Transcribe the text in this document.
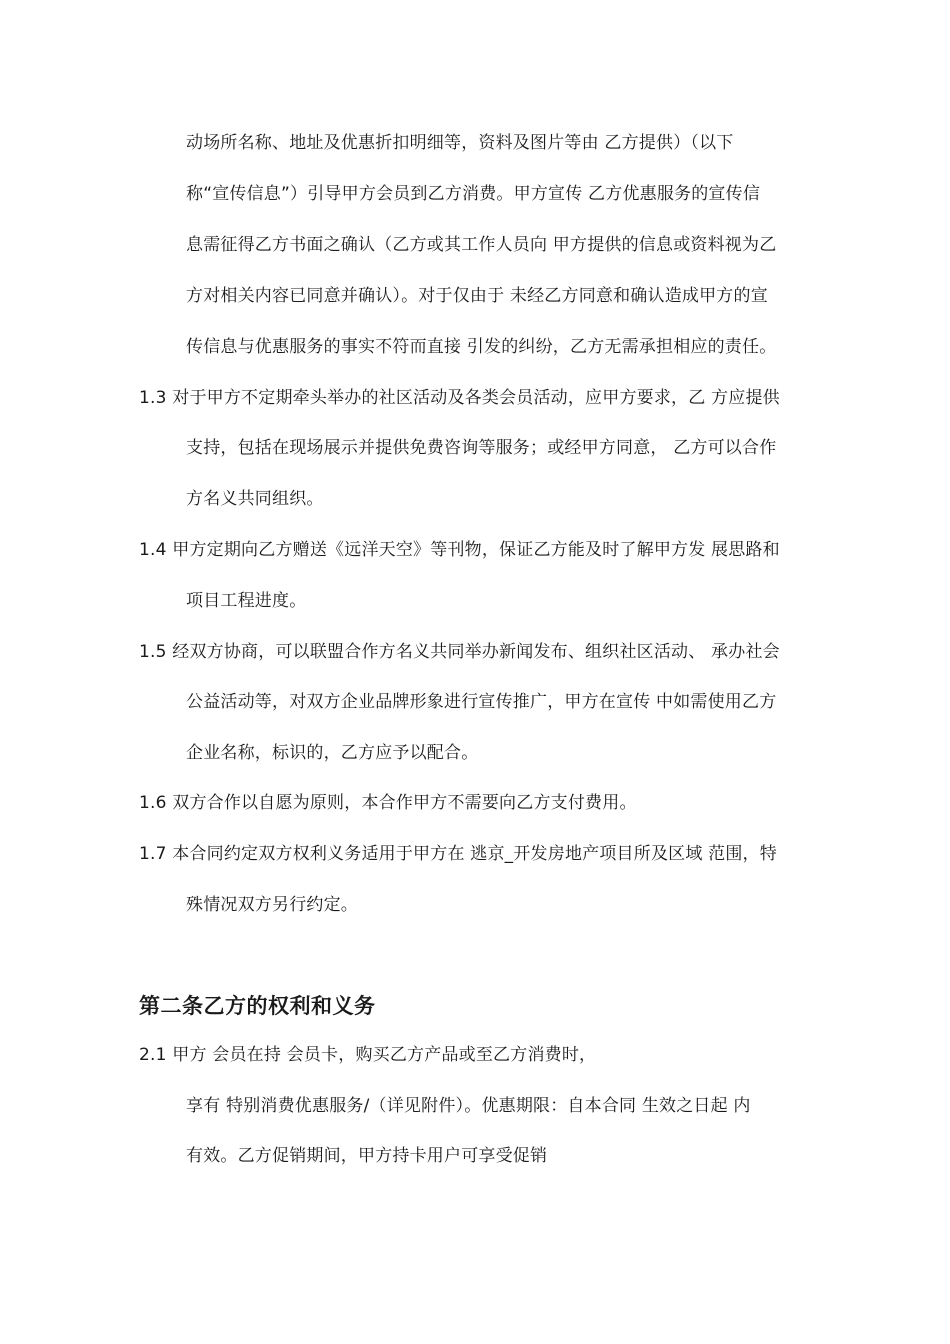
动场所名称、地址及优惠折扣明细等，资料及图片等由 乙方提供）（以下
称“宣传信息”）引导甲方会员到乙方消费。甲方宣传 乙方优惠服务的宣传信
息需征得乙方书面之确认（乙方或其工作人员向 甲方提供的信息或资料视为乙
方对相关内容已同意并确认）。对于仅由于 未经乙方同意和确认造成甲方的宣
传信息与优惠服务的事实不符而直接 引发的纠纷，乙方无需承担相应的责任。
1.3 对于甲方不定期牵头举办的社区活动及各类会员活动，应甲方要求，乙 方应提供
支持，包括在现场展示并提供免费咨询等服务；或经甲方同意， 乙方可以合作
方名义共同组织。
1.4 甲方定期向乙方赠送《远洋天空》等刊物，保证乙方能及时了解甲方发 展思路和
项目工程进度。
1.5 经双方协商，可以联盟合作方名义共同举办新闻发布、组织社区活动、 承办社会
公益活动等，对双方企业品牌形象进行宣传推广，甲方在宣传 中如需使用乙方
企业名称，标识的，乙方应予以配合。
1.6 双方合作以自愿为原则，本合作甲方不需要向乙方支付费用。
1.7 本合同约定双方权利义务适用于甲方在 逃京_开发房地产项目所及区域 范围，特
殊情况双方另行约定。
第二条乙方的权利和义务
2.1 甲方 会员在持 会员卡，购买乙方产品或至乙方消费时，
享有 特别消费优惠服务/（详见附件）。优惠期限：自本合同 生效之日起 内
有效。乙方促销期间，甲方持卡用户可享受促销
